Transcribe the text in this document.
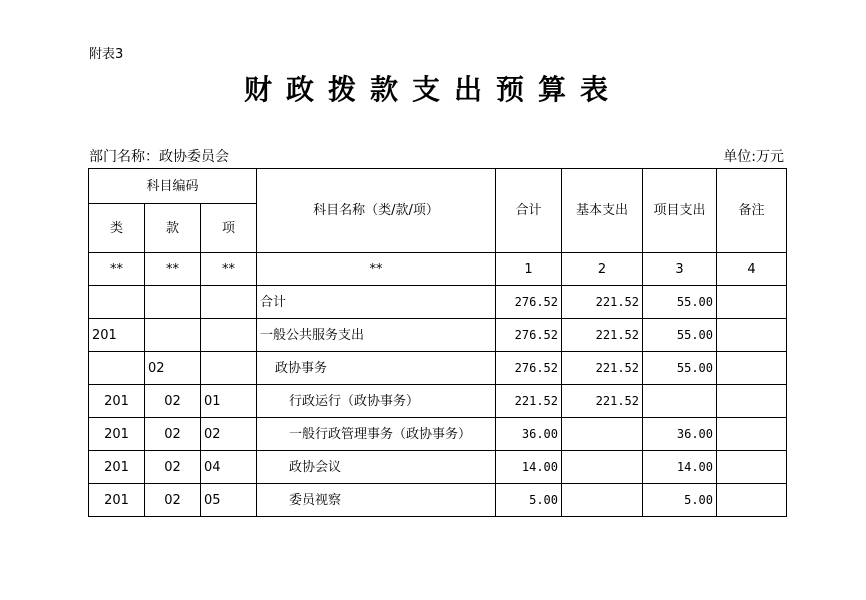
附表3
财政拨款支出预算表
部门名称：政协委员会	单位:万元
科目编码			科目名称（类/款/项）	合计	基本支出	项目支出	备注
类	款	项					
**	**	**	**	1	2	3	4
			合计	276.52	221.52	55.00	
201			一般公共服务支出	276.52	221.52	55.00	
	02		政协事务	276.52	221.52	55.00	
201	02	01	行政运行（政协事务）	221.52	221.52		
201	02	02	一般行政管理事务（政协事务）	36.00		36.00	
201	02	04	政协会议	14.00		14.00	
201	02	05	委员视察	5.00		5.00	
